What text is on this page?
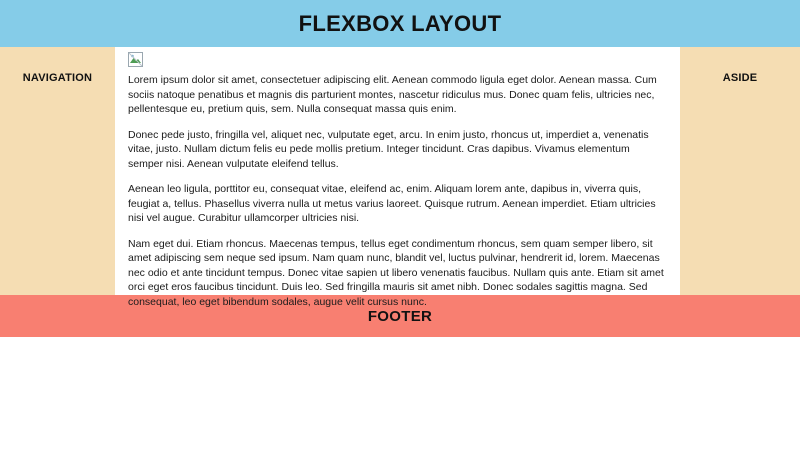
FLEXBOX LAYOUT
NAVIGATION	Lorem ipsum dolor sit amet, consectetuer adipiscing elit. Aenean commodo ligula eget dolor. Aenean massa. Cum sociis natoque penatibus et magnis dis parturient montes, nascetur ridiculus mus. Donec quam felis, ultricies nec, pellentesque eu, pretium quis, sem. Nulla consequat massa quis enim.

Donec pede justo, fringilla vel, aliquet nec, vulputate eget, arcu. In enim justo, rhoncus ut, imperdiet a, venenatis vitae, justo. Nullam dictum felis eu pede mollis pretium. Integer tincidunt. Cras dapibus. Vivamus elementum semper nisi. Aenean vulputate eleifend tellus.

Aenean leo ligula, porttitor eu, consequat vitae, eleifend ac, enim. Aliquam lorem ante, dapibus in, viverra quis, feugiat a, tellus. Phasellus viverra nulla ut metus varius laoreet. Quisque rutrum. Aenean imperdiet. Etiam ultricies nisi vel augue. Curabitur ullamcorper ultricies nisi.

Nam eget dui. Etiam rhoncus. Maecenas tempus, tellus eget condimentum rhoncus, sem quam semper libero, sit amet adipiscing sem neque sed ipsum. Nam quam nunc, blandit vel, luctus pulvinar, hendrerit id, lorem. Maecenas nec odio et ante tincidunt tempus. Donec vitae sapien ut libero venenatis faucibus. Nullam quis ante. Etiam sit amet orci eget eros faucibus tincidunt. Duis leo. Sed fringilla mauris sit amet nibh. Donec sodales sagittis magna. Sed consequat, leo eget bibendum sodales, augue velit cursus nunc.

ASIDE
FOOTER
